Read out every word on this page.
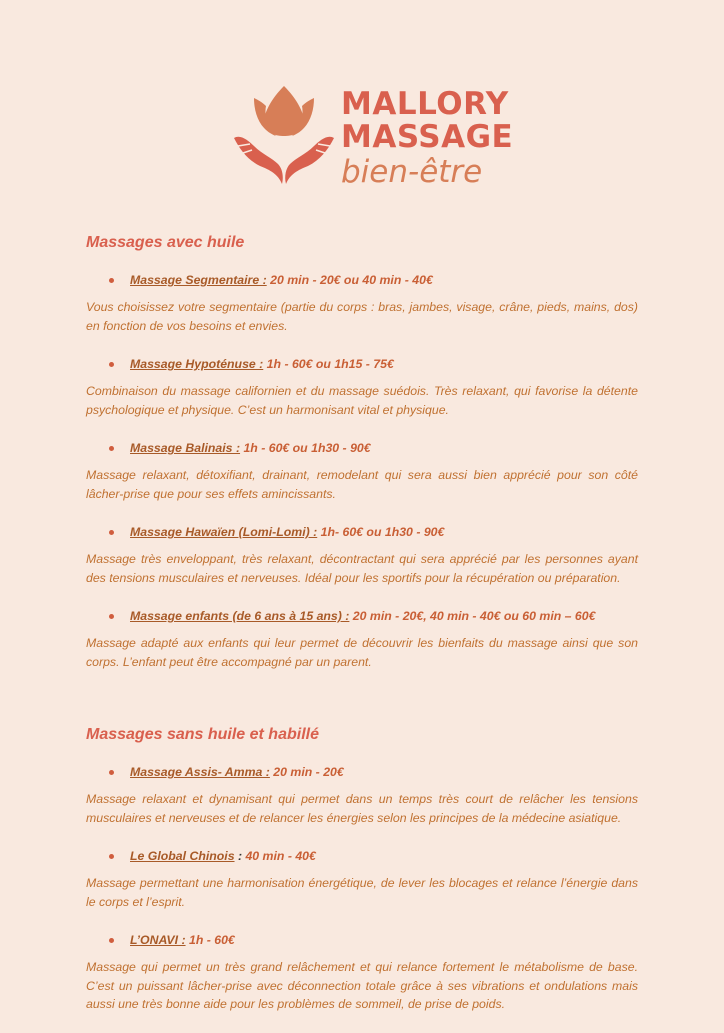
MALLORY
MASSAGE
bien-être
Massages avec huile
Massage Segmentaire : 20 min - 20€ ou 40 min - 40€

Vous choisissez votre segmentaire (partie du corps : bras, jambes, visage, crâne, pieds, mains, dos) en fonction de vos besoins et envies.

Massage Hypoténuse : 1h - 60€ ou 1h15 - 75€

Combinaison du massage californien et du massage suédois. Très relaxant, qui favorise la détente psychologique et physique. C’est un harmonisant vital et physique.

Massage Balinais : 1h - 60€ ou 1h30 - 90€

Massage relaxant, détoxifiant, drainant, remodelant qui sera aussi bien apprécié pour son côté lâcher-prise que pour ses effets amincissants.

Massage Hawaïen (Lomi-Lomi) : 1h- 60€ ou 1h30 - 90€

Massage très enveloppant, très relaxant, décontractant qui sera apprécié par les personnes ayant des tensions musculaires et nerveuses. Idéal pour les sportifs pour la récupération ou préparation.

Massage enfants (de 6 ans à 15 ans) : 20 min - 20€, 40 min - 40€ ou 60 min – 60€

Massage adapté aux enfants qui leur permet de découvrir les bienfaits du massage ainsi que son corps. L’enfant peut être accompagné par un parent.

Massages sans huile et habillé
Massage Assis- Amma : 20 min - 20€

Massage relaxant et dynamisant qui permet dans un temps très court de relâcher les tensions musculaires et nerveuses et de relancer les énergies selon les principes de la médecine asiatique.

Le Global Chinois : 40 min - 40€

Massage permettant une harmonisation énergétique, de lever les blocages et relance l’énergie dans le corps et l’esprit.

L’ONAVI : 1h - 60€

Massage qui permet un très grand relâchement et qui relance fortement le métabolisme de base. C’est un puissant lâcher-prise avec déconnection totale grâce à ses vibrations et ondulations mais aussi une très bonne aide pour les problèmes de sommeil, de prise de poids.
